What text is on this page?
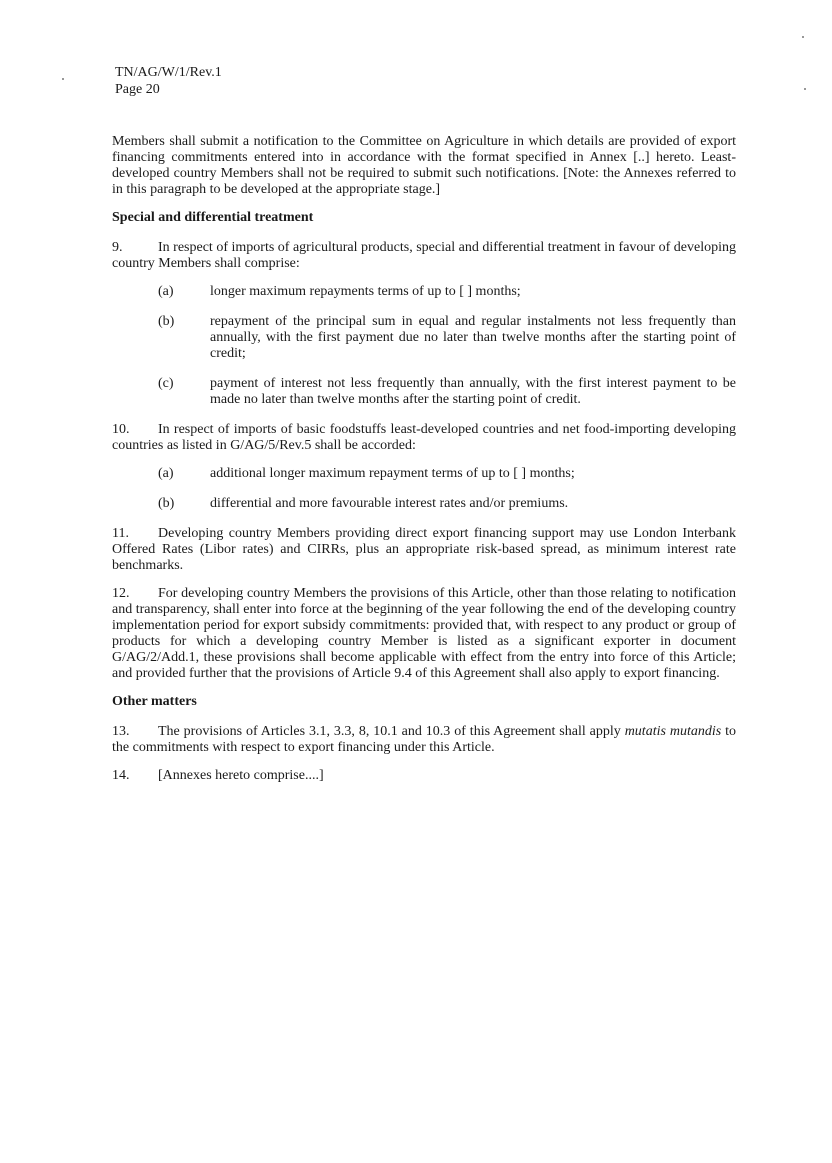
TN/AG/W/1/Rev.1
Page 20

Members shall submit a notification to the Committee on Agriculture in which details are provided of export financing commitments entered into in accordance with the format specified in Annex [..] hereto. Least-developed country Members shall not be required to submit such notifications. [Note: the Annexes referred to in this paragraph to be developed at the appropriate stage.]

Special and differential treatment

9.	In respect of imports of agricultural products, special and differential treatment in favour of developing country Members shall comprise:

(a)	longer maximum repayments terms of up to [ ] months;
(b)	repayment of the principal sum in equal and regular instalments not less frequently than annually, with the first payment due no later than twelve months after the starting point of credit;
(c)	payment of interest not less frequently than annually, with the first interest payment to be made no later than twelve months after the starting point of credit.

10. In respect of imports of basic foodstuffs least-developed countries and net food-importing developing countries as listed in G/AG/5/Rev.5 shall be accorded:

(a)	additional longer maximum repayment terms of up to [ ] months;
(b)	differential and more favourable interest rates and/or premiums.

11. Developing country Members providing direct export financing support may use London Interbank Offered Rates (Libor rates) and CIRRs, plus an appropriate risk-based spread, as minimum interest rate benchmarks.

12. For developing country Members the provisions of this Article, other than those relating to notification and transparency, shall enter into force at the beginning of the year following the end of the developing country implementation period for export subsidy commitments: provided that, with respect to any product or group of products for which a developing country Member is listed as a significant exporter in document G/AG/2/Add.1, these provisions shall become applicable with effect from the entry into force of this Article; and provided further that the provisions of Article 9.4 of this Agreement shall also apply to export financing.

Other matters

13. The provisions of Articles 3.1, 3.3, 8, 10.1 and 10.3 of this Agreement shall apply mutatis mutandis to the commitments with respect to export financing under this Article.

14. [Annexes hereto comprise....]
